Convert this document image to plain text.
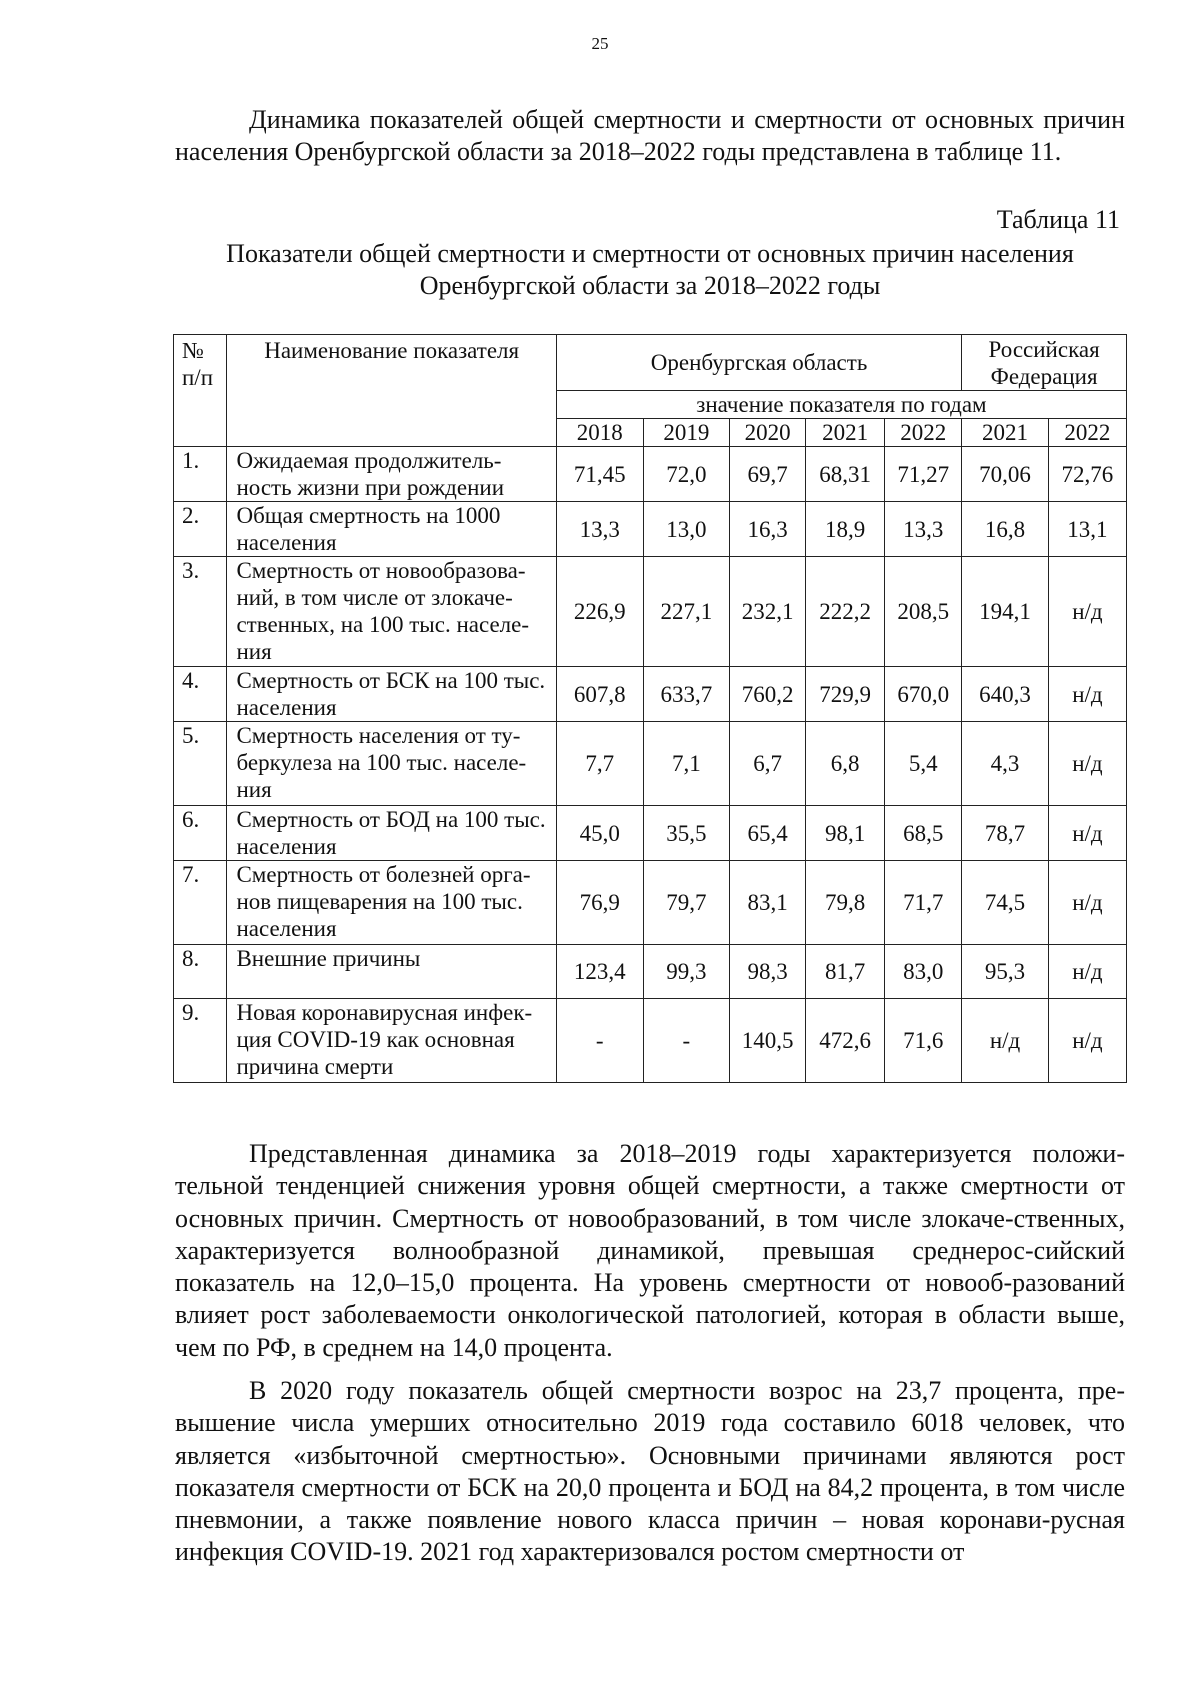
25

Динамика показателей общей смертности и смертности от основных причин населения Оренбургской области за 2018–2022 годы представлена в таблице 11.

Таблица 11
Показатели общей смертности и смертности от основных причин населения
Оренбургской области за 2018–2022 годы
№ п/п	Наименование показателя	Оренбургская область					Российская Федерация	
		значение показателя по годам						
		2018	2019	2020	2021	2022	2021	2022
1.	Ожидаемая продолжитель-ность жизни при рождении	71,45	72,0	69,7	68,31	71,27	70,06	72,76
2.	Общая смертность на 1000 населения	13,3	13,0	16,3	18,9	13,3	16,8	13,1
3.	Смертность от новообразова-ний, в том числе от злокаче-ственных, на 100 тыс. населе-ния	226,9	227,1	232,1	222,2	208,5	194,1	н/д
4.	Смертность от БСК на 100 тыс. населения	607,8	633,7	760,2	729,9	670,0	640,3	н/д
5.	Смертность населения от ту-беркулеза на 100 тыс. населе-ния	7,7	7,1	6,7	6,8	5,4	4,3	н/д
6.	Смертность от БОД на 100 тыс. населения	45,0	35,5	65,4	98,1	68,5	78,7	н/д
7.	Смертность от болезней орга-нов пищеварения на 100 тыс. населения	76,9	79,7	83,1	79,8	71,7	74,5	н/д
8.	Внешние причины	123,4	99,3	98,3	81,7	83,0	95,3	н/д
9.	Новая коронавирусная инфек-ция COVID-19 как основная причина смерти	-	-	140,5	472,6	71,6	н/д	н/д

Представленная динамика за 2018–2019 годы характеризуется положи-тельной тенденцией снижения уровня общей смертности, а также смертности от основных причин. Смертность от новообразований, в том числе злокаче-ственных, характеризуется волнообразной динамикой, превышая среднерос-сийский показатель на 12,0–15,0 процента. На уровень смертности от новооб-разований влияет рост заболеваемости онкологической патологией, которая в области выше, чем по РФ, в среднем на 14,0 процента.

В 2020 году показатель общей смертности возрос на 23,7 процента, пре-вышение числа умерших относительно 2019 года составило 6018 человек, что является «избыточной смертностью». Основными причинами являются рост показателя смертности от БСК на 20,0 процента и БОД на 84,2 процента, в том числе пневмонии, а также появление нового класса причин – новая коронави-русная инфекция COVID-19. 2021 год характеризовался ростом смертности от
